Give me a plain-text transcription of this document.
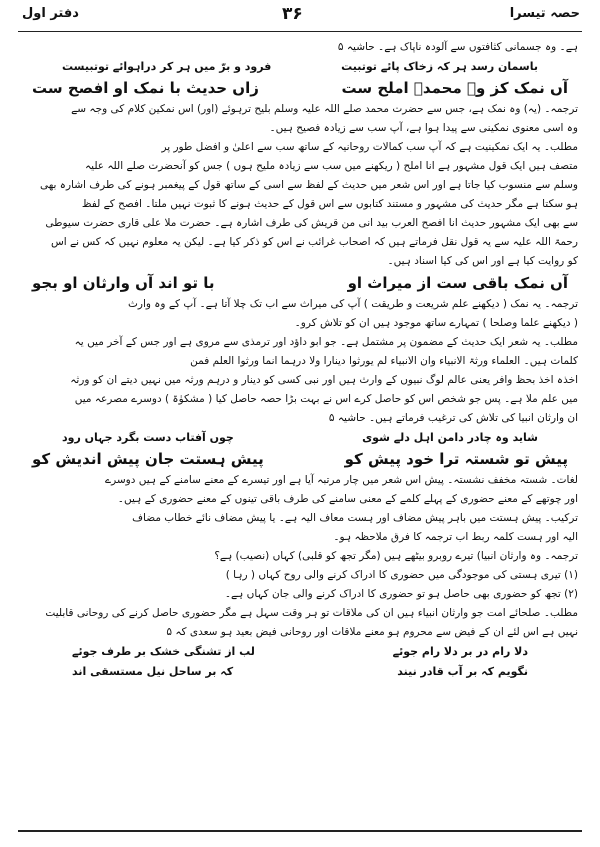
دفتر اول	۳۶	حصہ تیسرا
ہے۔ وہ جسمانی کثافتوں سے آلودہ ناپاک ہے۔ حاشیہ ۵
باسمان رسد ہر کہ زخاک پائے توتبیت
فرود و برّ میں ہر کر دراہوائے توتبیست
آں نمک کز وے محمدؐ املح ست
زاں حدیث با نمک او افصح ست
ترجمہ۔ (یہ) وہ نمک ہے، جس سے حضرت محمد صلے اللہ علیہ وسلم بلیح ترہوئے (اور) اس نمکین کلام کی وجہ سے
وہ اسی معنوی نمکینی سے پیدا ہوا ہے، آپ سب سے زیادہ فصیح ہیں۔
مطلب۔ یہ ایک نمکینیت ہے کہ آپ سب کمالات روحانیہ کے ساتھ سب سے اعلیٰ و افضل طور پر
متصف ہیں ایک قول مشہور ہے انا املح ( ریکھنے میں سب سے زیادہ ملیح ہوں ) جس کو آنحضرت صلے اللہ علیہ
وسلم سے منسوب کیا جاتا ہے اور اس شعر میں حدیث کے لفظ سے اسی کے ساتھ قول کے پیغمبر ہونے کی طرف اشارہ بھی
ہو سکتا ہے مگر حدیث کی مشہور و مستند کتابوں سے اس قول کے حدیث ہونے کا ثبوت نہیں ملتا۔ افصح کے لفظ
سے بھی ایک مشہور حدیث انا افصح العرب بید انی من قریش کی طرف اشارہ ہے۔ حضرت ملا علی قاری حضرت سیوطی
رحمۃ اللہ علیہ سے یہ قول نقل فرماتے ہیں کہ اصحاب غرائب نے اس کو ذکر کیا ہے۔ لیکن یہ معلوم نہیں کہ کس نے اس
کو روایت کیا ہے اور اس کی کیا اسناد ہیں۔
آں نمک باقی ست از میراث او
با تو اند آں وارثان او بجو
ترجمہ۔ یہ نمک ( دیکھنے علم شریعت و طریقت ) آپ کی میراث سے اب تک چلا آتا ہے۔ آپ کے وہ وارث
( دیکھنے علما وصلحا ) تمہارے ساتھ موجود ہیں ان کو تلاش کرو۔
مطلب۔ یہ شعر ایک حدیث کے مضمون پر مشتمل ہے۔ جو ابو داؤد اور ترمذی سے مروی ہے اور جس کے آخر میں یہ
کلمات ہیں۔ العلماء ورثۃ الانبیاء وان الانبیاء لم یورثوا دینارا ولا درہما انما ورثوا العلم فمن
اخذہ اخذ بحظ وافر یعنی عالم لوگ نبیوں کے وارث ہیں اور نبی کسی کو دینار و درہم ورثہ میں نہیں دیتے ان کو ورثہ
میں علم ملا ہے۔ پس جو شخص اس کو حاصل کرے اس نے بہت بڑا حصہ حاصل کیا ( مشکوٰۃ ) دوسرے مصرعہ میں
ان وارثان انبیا کی تلاش کی ترغیب فرماتے ہیں۔ حاشیہ ۵
شاید وہ چادر دامن اہل دلے شوی
چوں آفتاب دست بگرد جہاں رود
پیش تو شستہ ترا خود پیش کو
پیش ہستت جان پیش اندیش کو
لغات۔ شستہ مخفف نشستہ۔ پیش اس شعر میں چار مرتبہ آیا ہے اور تیسرے کے معنے سامنے کے ہیں دوسرے
اور چوتھے کے معنے حضوری کے پہلے کلمے کے معنی سامنے کی طرف باقی تینوں کے معنے حضوری کے ہیں۔
ترکیب۔ پیش ہستت میں باہر پیش مضاف اور ہست معاف الیہ ہے۔ یا پیش مضاف نائے خطاب مضاف
الیہ اور ہست کلمہ ربط اب ترجمہ کا فرق ملاحظہ ہو۔
ترجمہ۔ وہ وارثان انبیا) تیرے روبرو بیٹھے ہیں (مگر تجھ کو قلبی) کہاں (نصیب) ہے؟
(۱) تیری ہستی کی موجودگی میں حضوری کا ادراک کرنے والی روح کہاں ( رہا )
(۲) تجھ کو حضوری بھی حاصل ہو تو حضوری کا ادراک کرنے والی جان کہاں ہے۔
مطلب۔ صلحائے امت جو وارثان انبیاء ہیں ان کی ملاقات تو ہر وقت سہل ہے مگر حضوری حاصل کرنے کی روحانی قابلیت
نہیں ہے اس لئے ان کے فیض سے محروم ہو معنے ملاقات اور روحانی فیض بعید ہو سعدی کہ ۵
دلا رام در بر دلا رام جوئے
لب از تشنگی خشک بر طرف جوئے
نگویم کہ بر آب قادر نیند
کہ بر ساحل نیل مستسقی اند
